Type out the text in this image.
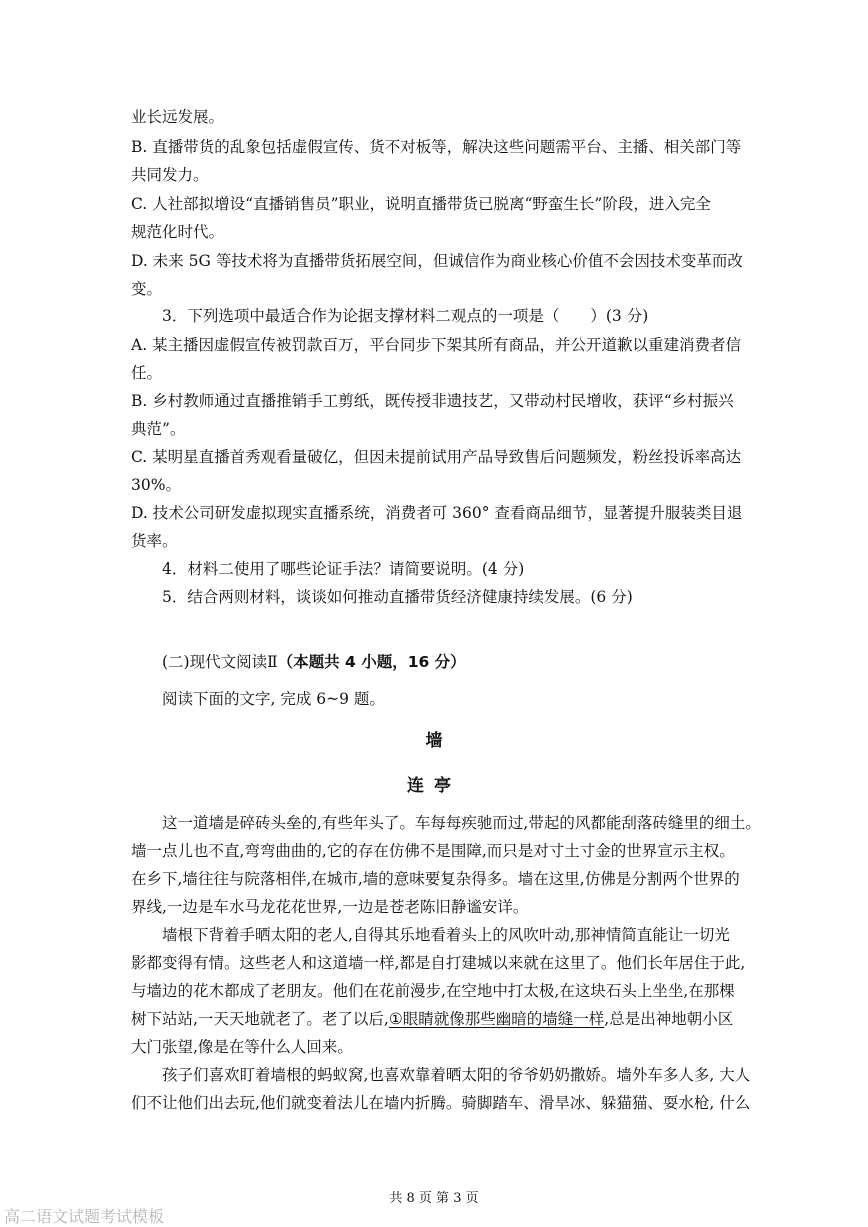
业长远发展。
B. 直播带货的乱象包括虚假宣传、货不对板等，解决这些问题需平台、主播、相关部门等
共同发力。
C. 人社部拟增设“直播销售员”职业，说明直播带货已脱离“野蛮生长”阶段，进入完全
规范化时代。
D. 未来 5G 等技术将为直播带货拓展空间，但诚信作为商业核心价值不会因技术变革而改
变。
3．下列选项中最适合作为论据支撑材料二观点的一项是（　　）(3 分)
A. 某主播因虚假宣传被罚款百万，平台同步下架其所有商品，并公开道歉以重建消费者信
任。
B. 乡村教师通过直播推销手工剪纸，既传授非遗技艺，又带动村民增收，获评“乡村振兴
典范”。
C. 某明星直播首秀观看量破亿，但因未提前试用产品导致售后问题频发，粉丝投诉率高达
30%。
D. 技术公司研发虚拟现实直播系统，消费者可 360° 查看商品细节，显著提升服装类目退
货率。
4．材料二使用了哪些论证手法？请简要说明。(4 分)
5．结合两则材料，谈谈如何推动直播带货经济健康持续发展。(6 分)
(二)现代文阅读Ⅱ（本题共 4 小题，16 分）
阅读下面的文字, 完成 6~9 题。
墙
连亭
这一道墙是碎砖头垒的,有些年头了。车每每疾驰而过,带起的风都能刮落砖缝里的细土。
墙一点儿也不直,弯弯曲曲的,它的存在仿佛不是围障,而只是对寸土寸金的世界宣示主权。
在乡下,墙往往与院落相伴,在城市,墙的意味要复杂得多。墙在这里,仿佛是分割两个世界的
界线,一边是车水马龙花花世界,一边是苍老陈旧静谧安详。
墙根下背着手晒太阳的老人,自得其乐地看着头上的风吹叶动,那神情简直能让一切光
影都变得有情。这些老人和这道墙一样,都是自打建城以来就在这里了。他们长年居住于此,
与墙边的花木都成了老朋友。他们在花前漫步,在空地中打太极,在这块石头上坐坐,在那棵
树下站站,一天天地就老了。老了以后,①眼睛就像那些幽暗的墙缝一样,总是出神地朝小区
大门张望,像是在等什么人回来。
孩子们喜欢盯着墙根的蚂蚁窝,也喜欢靠着晒太阳的爷爷奶奶撒娇。墙外车多人多, 大人
们不让他们出去玩,他们就变着法儿在墙内折腾。骑脚踏车、滑旱冰、躲猫猫、耍水枪, 什么
共 8 页 第 3 页
高二语文试题考试模板
